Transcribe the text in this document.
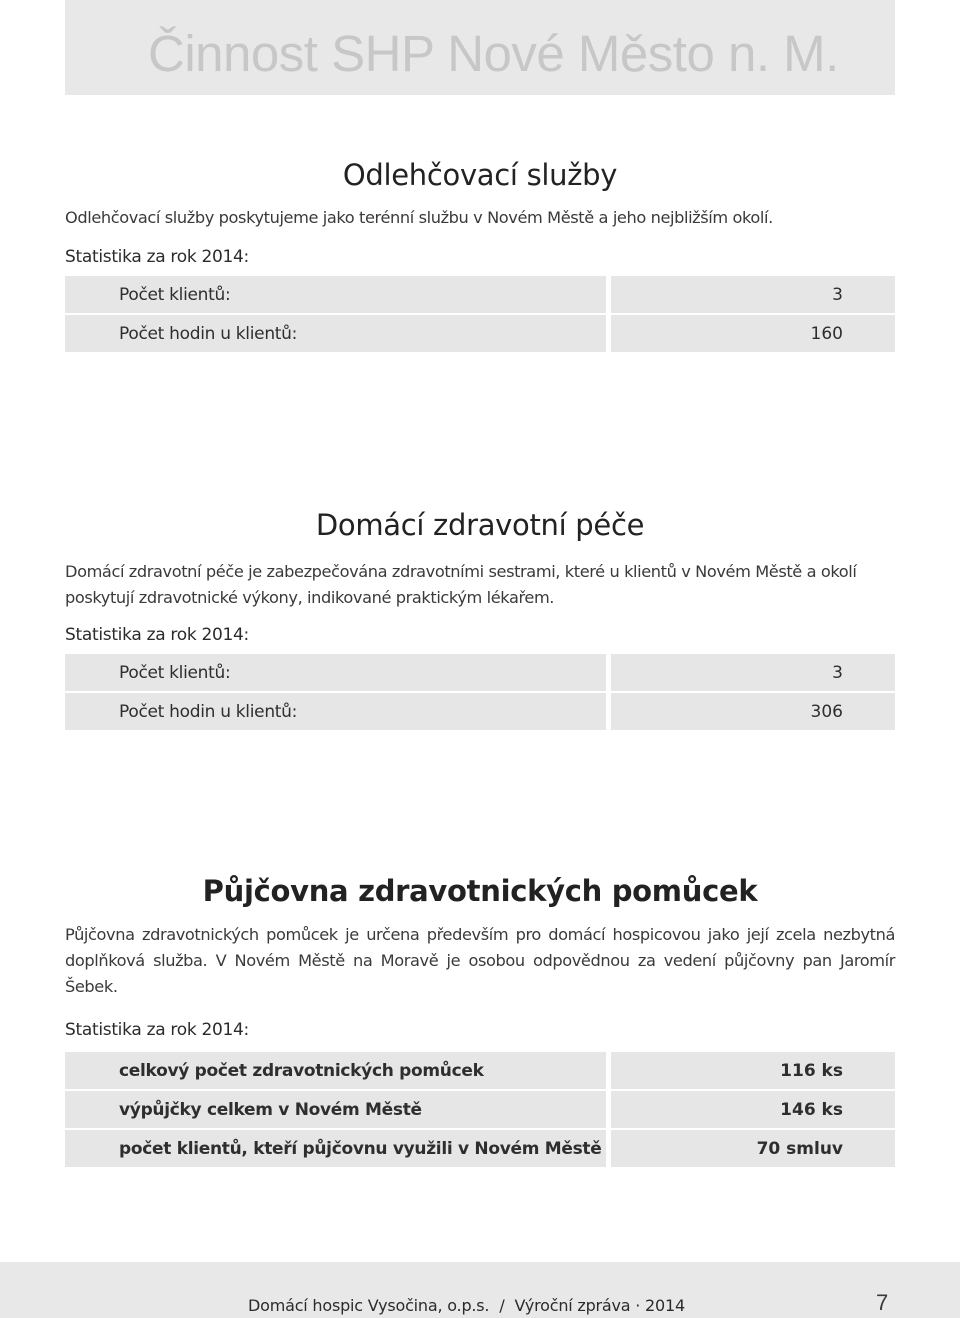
Činnost SHP Nové Město n. M.
Odlehčovací služby

Odlehčovací služby poskytujeme jako terénní službu v Novém Městě a jeho nejbližším okolí.

Statistika za rok 2014:

Počet klientů:	3
Počet hodin u klientů:	160
Domácí zdravotní péče

Domácí zdravotní péče je zabezpečována zdravotními sestrami, které u klientů v Novém Městě a okolí poskytují zdravotnické výkony, indikované praktickým lékařem.

Statistika za rok 2014:

Počet klientů:	3
Počet hodin u klientů:	306
Půjčovna zdravotnických pomůcek

Půjčovna zdravotnických pomůcek je určena především pro domácí hospicovou jako její zcela nezbytná doplňková služba. V Novém Městě na Moravě je osobou odpovědnou za vedení půjčovny pan Jaromír Šebek.

Statistika za rok 2014:

celkový počet zdravotnických pomůcek	116 ks
výpůjčky celkem v Novém Městě	146 ks
počet klientů, kteří půjčovnu využili v Novém Městě	70 smluv
Domácí hospic Vysočina, o.p.s. / Výroční zpráva · 2014	7
